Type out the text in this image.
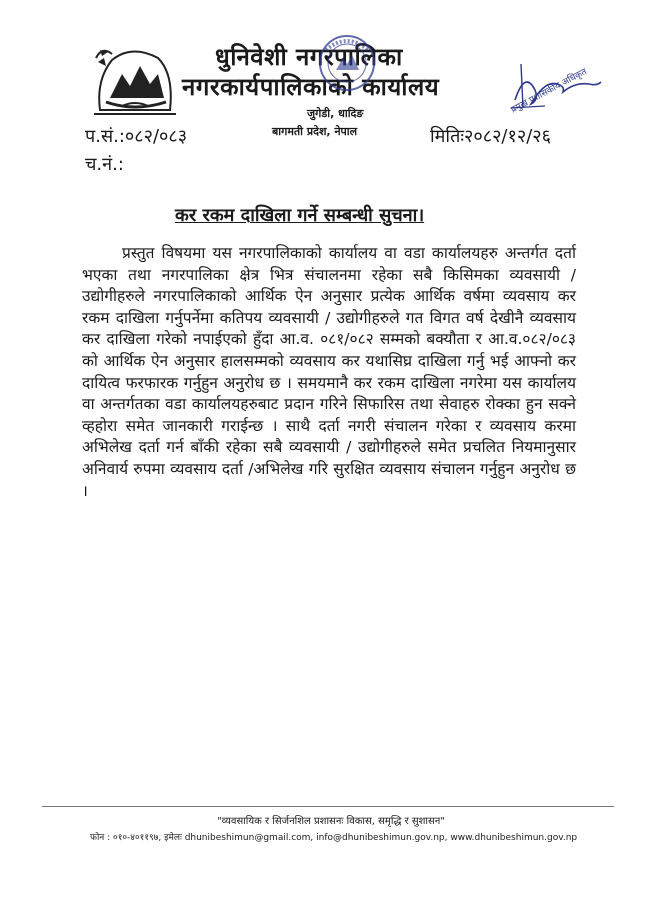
धुनिवेशी नगरपालिका
नगरकार्यपालिकाको कार्यालय
जुगेडी, धादिङ
बागमती प्रदेश, नेपाल
प्रमुख प्रशासकीय अधिकृत
प.सं.:०८२/०८३	मितिः२०८२/१२/२६
च.नं.:
कर रकम दाखिला गर्ने सम्बन्धी सुचना।

प्रस्तुत विषयमा यस नगरपालिकाको कार्यालय वा वडा कार्यालयहरु अन्तर्गत दर्ता भएका तथा नगरपालिका क्षेत्र भित्र संचालनमा रहेका सबै किसिमका व्यवसायी / उद्योगीहरुले नगरपालिकाको आर्थिक ऐन अनुसार प्रत्येक आर्थिक वर्षमा व्यवसाय कर रकम दाखिला गर्नुपर्नेमा कतिपय व्यवसायी / उद्योगीहरुले गत विगत वर्ष देखीनै व्यवसाय कर दाखिला गरेको नपाईएको हुँदा आ.व. ०८१/०८२ सम्मको बक्यौता र आ.व.०८२/०८३ को आर्थिक ऐन अनुसार हालसम्मको व्यवसाय कर यथासिघ्र दाखिला गर्नु भई आफ्नो कर दायित्व फरफारक गर्नुहुन अनुरोध छ । समयमानै कर रकम दाखिला नगरेमा यस कार्यालय वा अन्तर्गतका वडा कार्यालयहरुबाट प्रदान गरिने सिफारिस तथा सेवाहरु रोक्का हुन सक्ने व्हहोरा समेत जानकारी गराईन्छ । साथै दर्ता नगरी संचालन गरेका र व्यवसाय करमा अभिलेख दर्ता गर्न बाँकी रहेका सबै व्यवसायी / उद्योगीहरुले समेत प्रचलित नियमानुसार अनिवार्य रुपमा व्यवसाय दर्ता /अभिलेख गरि सुरक्षित व्यवसाय संचालन गर्नुहुन अनुरोध छ ।

"व्यवसायिक र सिर्जनशिल प्रशासनः विकास, समृद्धि र सुशासन"
फोन : ०१०-४०११९७, इमेलः dhunibeshimun@gmail.com, info@dhunibeshimun.gov.np, www.dhunibeshimun.gov.np
